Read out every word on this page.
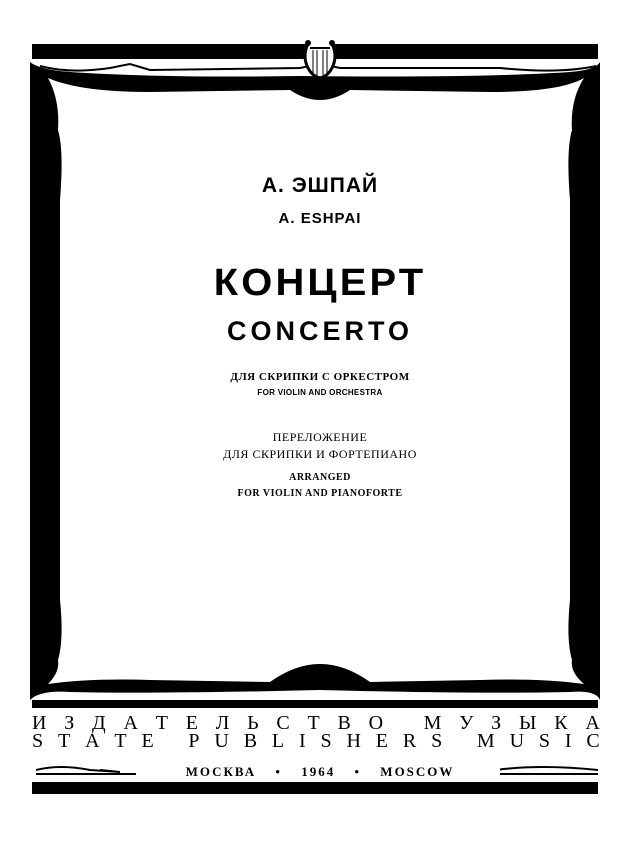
А. ЭШПАЙ
A. ESHPAI
КОНЦЕРТ
CONCERTO
ДЛЯ СКРИПКИ С ОРКЕСТРОМ
FOR VIOLIN AND ORCHESTRA
ПЕРЕЛОЖЕНИЕ
ДЛЯ СКРИПКИ И ФОРТЕПИАНО
ARRANGED
FOR VIOLIN AND PIANOFORTE
И З Д А Т Е Л Ь С Т В О
М У З Ы К А
S T A T E
P U B L I S H E R S
M U S I C
МОСКВА • 1964 • MOSCOW
